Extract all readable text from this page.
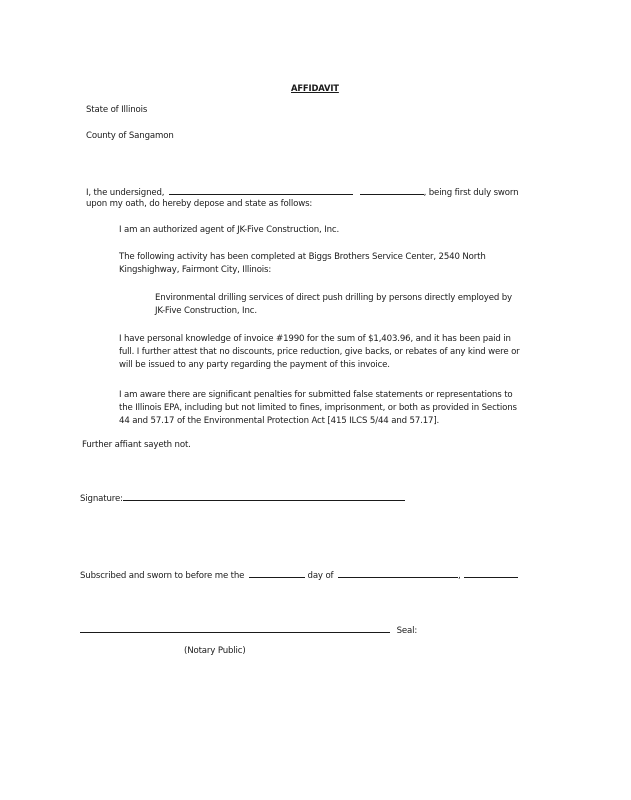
AFFIDAVIT
State of Illinois
County of Sangamon
I, the undersigned,	, being first duly sworn
upon my oath, do hereby depose and state as follows:
I am an authorized agent of JK-Five Construction, Inc.
The following activity has been completed at Biggs Brothers Service Center, 2540 North
Kingshighway, Fairmont City, Illinois:
Environmental drilling services of direct push drilling by persons directly employed by
JK-Five Construction, Inc.
I have personal knowledge of invoice #1990 for the sum of $1,403.96, and it has been paid in
full. I further attest that no discounts, price reduction, give backs, or rebates of any kind were or
will be issued to any party regarding the payment of this invoice.
I am aware there are significant penalties for submitted false statements or representations to
the Illinois EPA, including but not limited to fines, imprisonment, or both as provided in Sections
44 and 57.17 of the Environmental Protection Act [415 ILCS 5/44 and 57.17].
Further affiant sayeth not.
Signature:
Subscribed and sworn to before me the	day of	,
Seal:
(Notary Public)
